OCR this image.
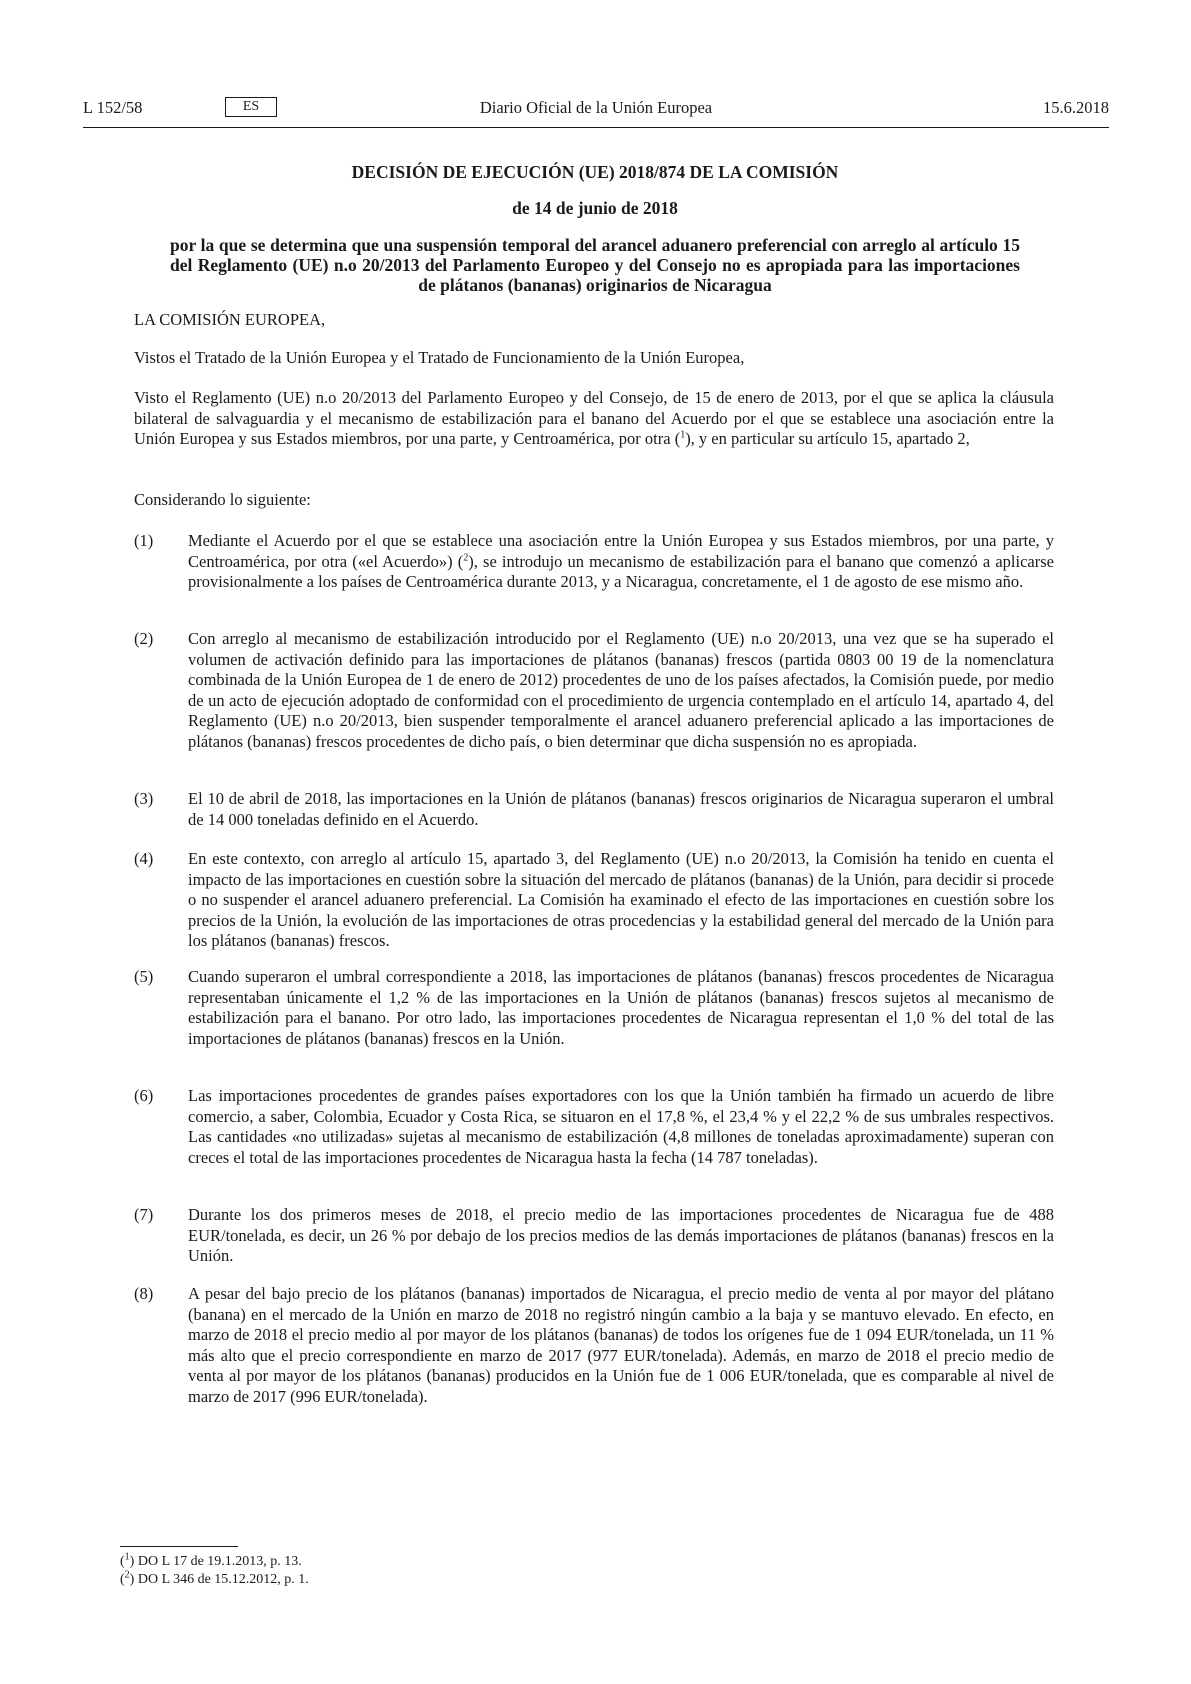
L 152/58	ES	Diario Oficial de la Unión Europea	15.6.2018

DECISIÓN DE EJECUCIÓN (UE) 2018/874 DE LA COMISIÓN

de 14 de junio de 2018

por la que se determina que una suspensión temporal del arancel aduanero preferencial con arreglo al artículo 15 del Reglamento (UE) n.o 20/2013 del Parlamento Europeo y del Consejo no es apropiada para las importaciones de plátanos (bananas) originarios de Nicaragua

LA COMISIÓN EUROPEA,
Vistos el Tratado de la Unión Europea y el Tratado de Funcionamiento de la Unión Europea,
Visto el Reglamento (UE) n.o 20/2013 del Parlamento Europeo y del Consejo, de 15 de enero de 2013, por el que se aplica la cláusula bilateral de salvaguardia y el mecanismo de estabilización para el banano del Acuerdo por el que se establece una asociación entre la Unión Europea y sus Estados miembros, por una parte, y Centroamérica, por otra ($^1$), y en particular su artículo 15, apartado 2,
Considerando lo siguiente:
(1)	Mediante el Acuerdo por el que se establece una asociación entre la Unión Europea y sus Estados miembros, por una parte, y Centroamérica, por otra («el Acuerdo») ($^2$), se introdujo un mecanismo de estabilización para el banano que comenzó a aplicarse provisionalmente a los países de Centroamérica durante 2013, y a Nicaragua, concretamente, el 1 de agosto de ese mismo año.
(2)	Con arreglo al mecanismo de estabilización introducido por el Reglamento (UE) n.o 20/2013, una vez que se ha superado el volumen de activación definido para las importaciones de plátanos (bananas) frescos (partida 0803 00 19 de la nomenclatura combinada de la Unión Europea de 1 de enero de 2012) procedentes de uno de los países afectados, la Comisión puede, por medio de un acto de ejecución adoptado de conformidad con el procedimiento de urgencia contemplado en el artículo 14, apartado 4, del Reglamento (UE) n.o 20/2013, bien suspender temporalmente el arancel aduanero preferencial aplicado a las importaciones de plátanos (bananas) frescos procedentes de dicho país, o bien determinar que dicha suspensión no es apropiada.
(3)	El 10 de abril de 2018, las importaciones en la Unión de plátanos (bananas) frescos originarios de Nicaragua superaron el umbral de 14 000 toneladas definido en el Acuerdo.
(4)	En este contexto, con arreglo al artículo 15, apartado 3, del Reglamento (UE) n.o 20/2013, la Comisión ha tenido en cuenta el impacto de las importaciones en cuestión sobre la situación del mercado de plátanos (bananas) de la Unión, para decidir si procede o no suspender el arancel aduanero preferencial. La Comisión ha examinado el efecto de las importaciones en cuestión sobre los precios de la Unión, la evolución de las importaciones de otras procedencias y la estabilidad general del mercado de la Unión para los plátanos (bananas) frescos.
(5)	Cuando superaron el umbral correspondiente a 2018, las importaciones de plátanos (bananas) frescos procedentes de Nicaragua representaban únicamente el 1,2 % de las importaciones en la Unión de plátanos (bananas) frescos sujetos al mecanismo de estabilización para el banano. Por otro lado, las importaciones procedentes de Nicaragua representan el 1,0 % del total de las importaciones de plátanos (bananas) frescos en la Unión.
(6)	Las importaciones procedentes de grandes países exportadores con los que la Unión también ha firmado un acuerdo de libre comercio, a saber, Colombia, Ecuador y Costa Rica, se situaron en el 17,8 %, el 23,4 % y el 22,2 % de sus umbrales respectivos. Las cantidades «no utilizadas» sujetas al mecanismo de estabilización (4,8 millones de toneladas aproximadamente) superan con creces el total de las importaciones procedentes de Nicaragua hasta la fecha (14 787 toneladas).
(7)	Durante los dos primeros meses de 2018, el precio medio de las importaciones procedentes de Nicaragua fue de 488 EUR/tonelada, es decir, un 26 % por debajo de los precios medios de las demás importaciones de plátanos (bananas) frescos en la Unión.
(8)	A pesar del bajo precio de los plátanos (bananas) importados de Nicaragua, el precio medio de venta al por mayor del plátano (banana) en el mercado de la Unión en marzo de 2018 no registró ningún cambio a la baja y se mantuvo elevado. En efecto, en marzo de 2018 el precio medio al por mayor de los plátanos (bananas) de todos los orígenes fue de 1 094 EUR/tonelada, un 11 % más alto que el precio correspondiente en marzo de 2017 (977 EUR/tonelada). Además, en marzo de 2018 el precio medio de venta al por mayor de los plátanos (bananas) producidos en la Unión fue de 1 006 EUR/tonelada, que es comparable al nivel de marzo de 2017 (996 EUR/tonelada).
($^1$) DO L 17 de 19.1.2013, p. 13.
($^2$) DO L 346 de 15.12.2012, p. 1.
